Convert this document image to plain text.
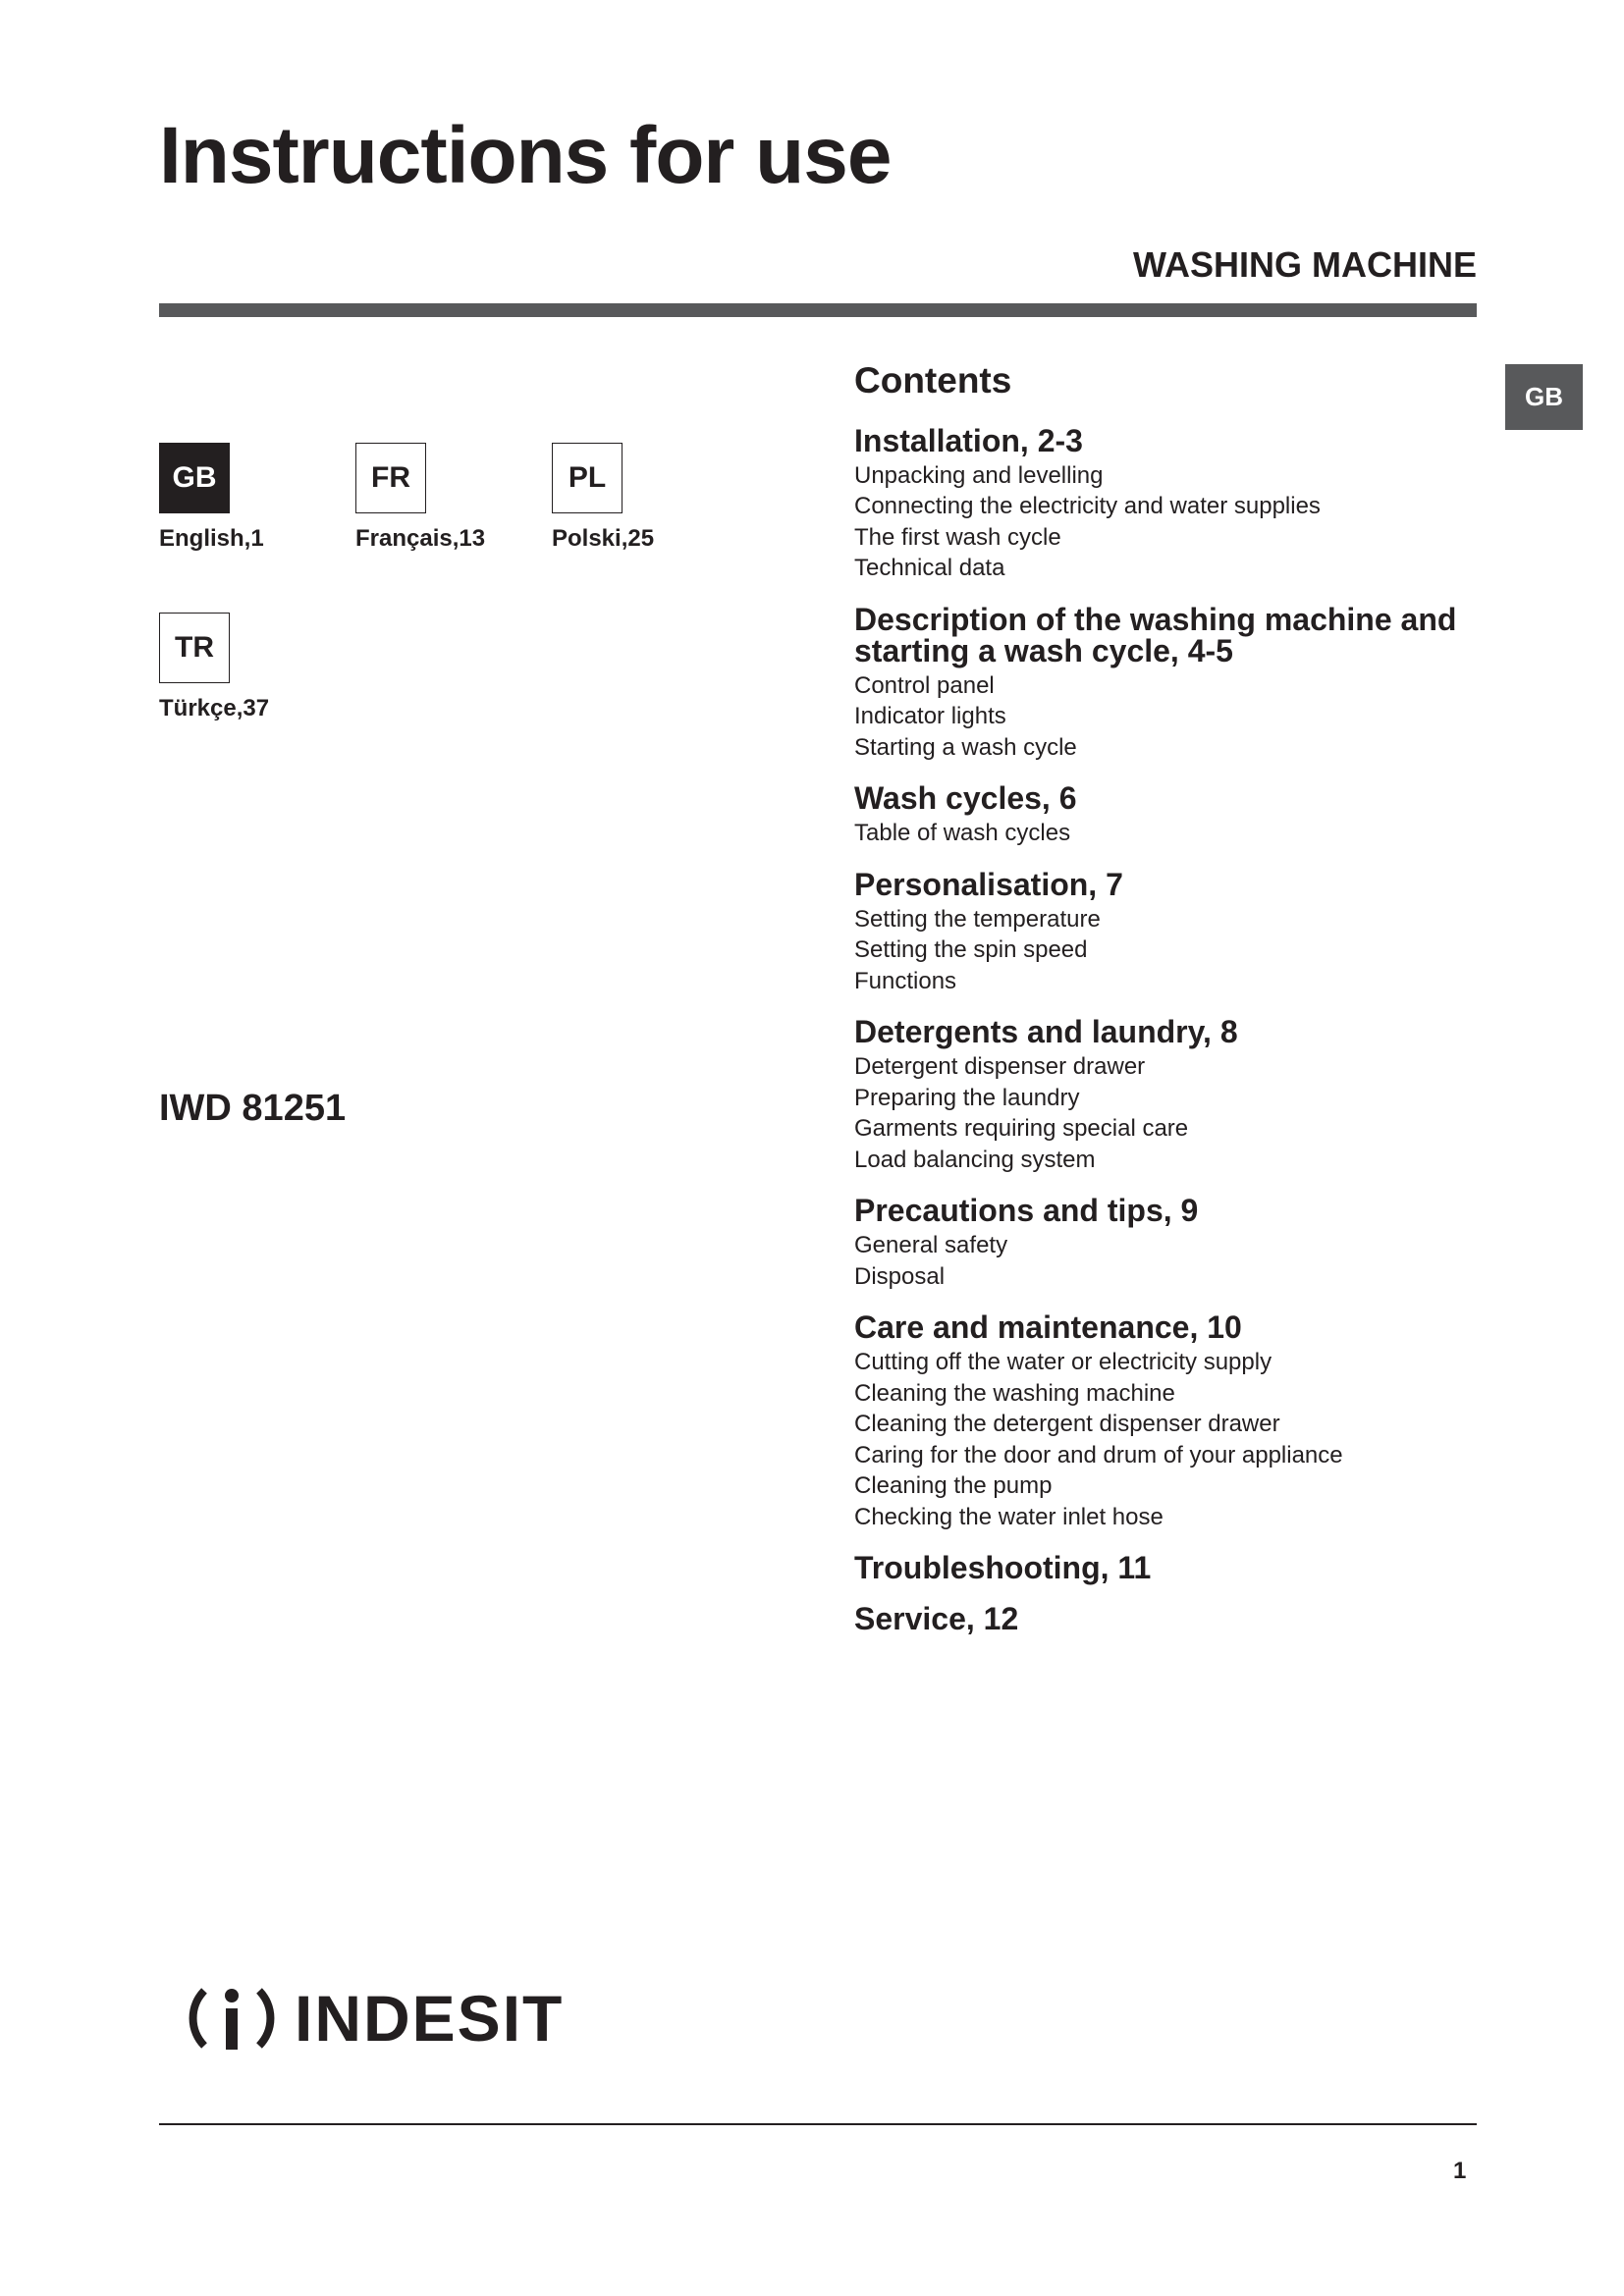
Instructions for use
WASHING MACHINE
GB
GB
English,1
FR
Français,13
PL
Polski,25
TR
Türkçe,37
IWD 81251
Contents
Installation, 2-3
Unpacking and levelling
Connecting the electricity and water supplies
The first wash cycle
Technical data
Description of the washing machine and starting a wash cycle, 4-5
Control panel
Indicator lights
Starting a wash cycle
Wash cycles, 6
Table of wash cycles
Personalisation, 7
Setting the temperature
Setting the spin speed
Functions
Detergents and laundry, 8
Detergent dispenser drawer
Preparing the laundry
Garments requiring special care
Load balancing system
Precautions and tips, 9
General safety
Disposal
Care and maintenance, 10
Cutting off the water or electricity supply
Cleaning the washing machine
Cleaning the detergent dispenser drawer
Caring for the door and drum of your appliance
Cleaning the pump
Checking the water inlet hose
Troubleshooting, 11
Service, 12
INDESIT
1
